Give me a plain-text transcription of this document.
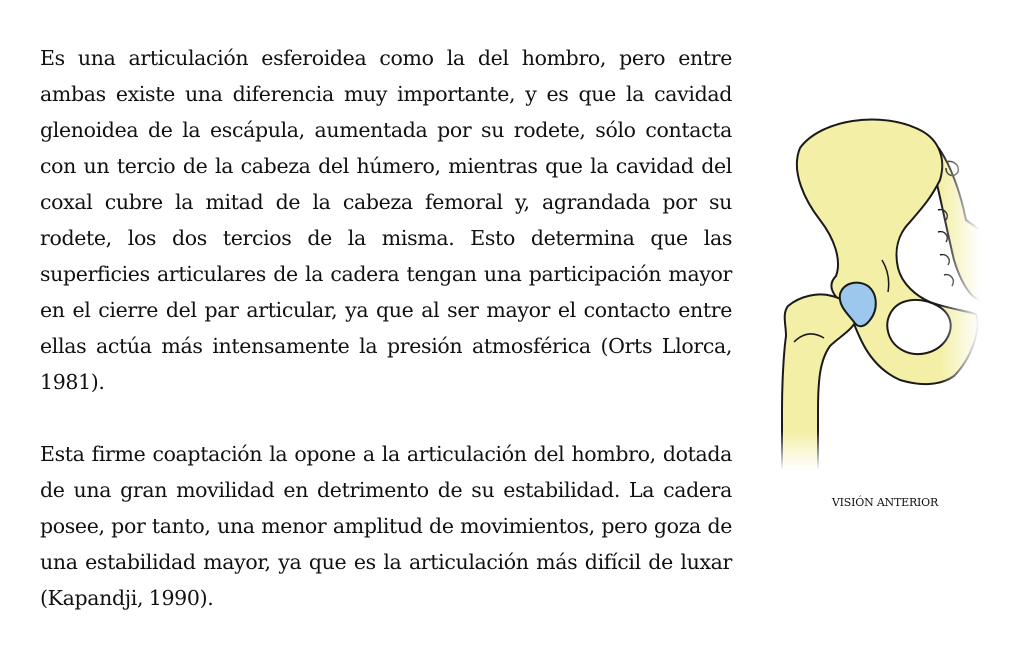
Es una articulación esferoidea como la del hombro, pero entre ambas existe una diferencia muy importante, y es que la cavidad glenoidea de la escápula, aumentada por su rodete, sólo contacta con un tercio de la cabeza del húmero, mientras que la cavidad del coxal cubre la mitad de la cabeza femoral y, agrandada por su rodete, los dos tercios de la misma. Esto determina que las superficies articulares de la cadera tengan una participación mayor en el cierre del par articular, ya que al ser mayor el contacto entre ellas actúa más intensamente la presión atmosférica (Orts Llorca, 1981).

Esta firme coaptación la opone a la articulación del hombro, dotada de una gran movilidad en detrimento de su estabilidad. La cadera posee, por tanto, una menor amplitud de movimientos, pero goza de una estabilidad mayor, ya que es la articulación más difícil de luxar (Kapandji, 1990).

VISIÓN ANTERIOR
